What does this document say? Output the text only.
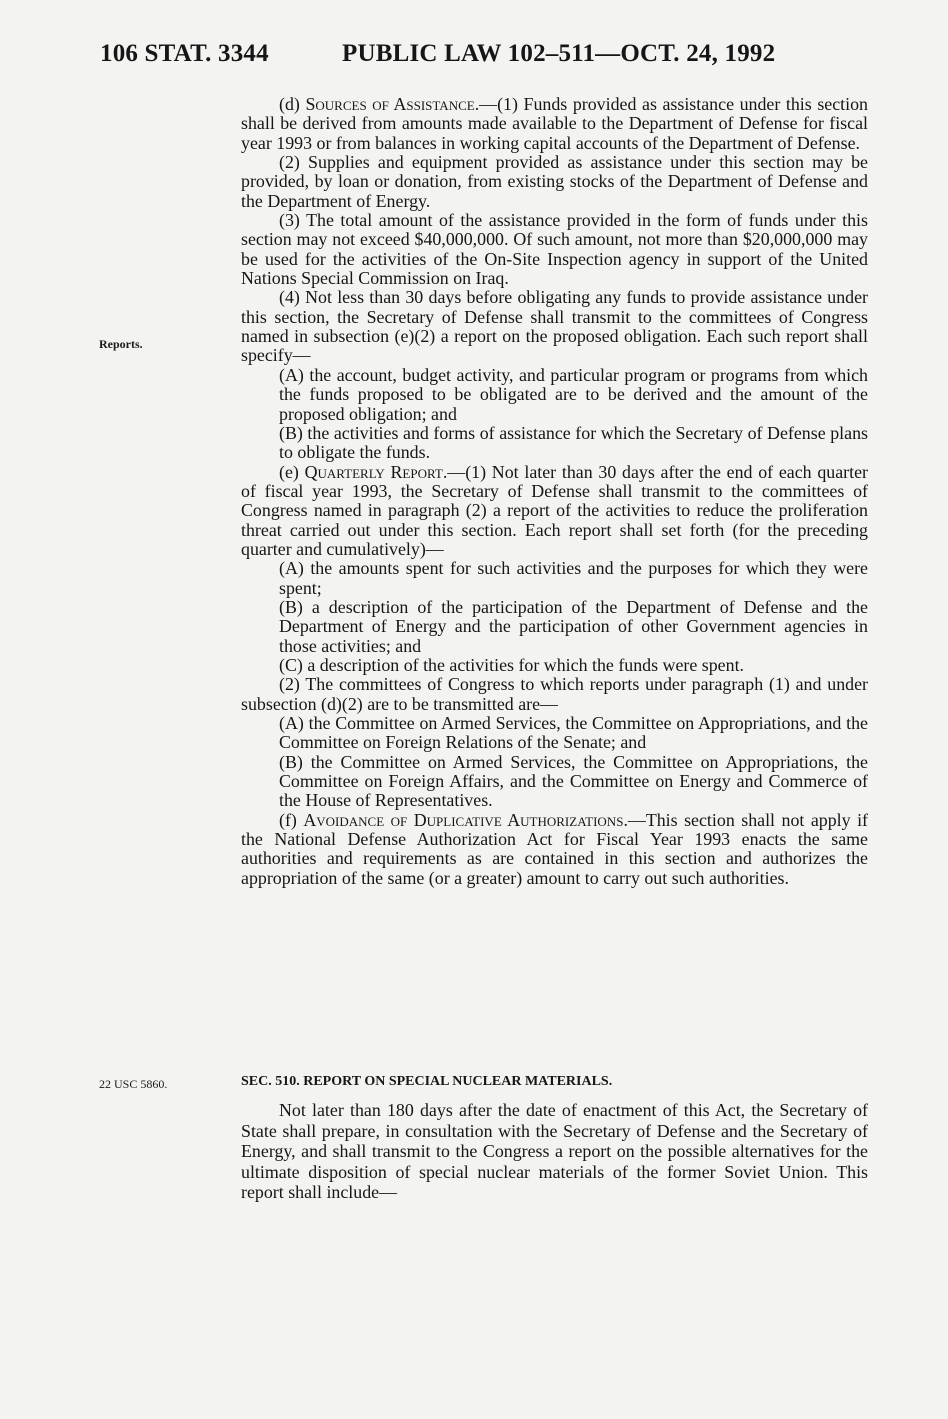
106 STAT. 3344	PUBLIC LAW 102–511—OCT. 24, 1992
Reports.
22 USC 5860.

(d) Sources of Assistance.—(1) Funds provided as assistance under this section shall be derived from amounts made available to the Department of Defense for fiscal year 1993 or from balances in working capital accounts of the Department of Defense.

(2) Supplies and equipment provided as assistance under this section may be provided, by loan or donation, from existing stocks of the Department of Defense and the Department of Energy.

(3) The total amount of the assistance provided in the form of funds under this section may not exceed $40,000,000. Of such amount, not more than $20,000,000 may be used for the activities of the On-Site Inspection agency in support of the United Nations Special Commission on Iraq.

(4) Not less than 30 days before obligating any funds to provide assistance under this section, the Secretary of Defense shall transmit to the committees of Congress named in subsection (e)(2) a report on the proposed obligation. Each such report shall specify—

(A) the account, budget activity, and particular program or programs from which the funds proposed to be obligated are to be derived and the amount of the proposed obligation; and

(B) the activities and forms of assistance for which the Secretary of Defense plans to obligate the funds.

(e) Quarterly Report.—(1) Not later than 30 days after the end of each quarter of fiscal year 1993, the Secretary of Defense shall transmit to the committees of Congress named in paragraph (2) a report of the activities to reduce the proliferation threat carried out under this section. Each report shall set forth (for the preceding quarter and cumulatively)—

(A) the amounts spent for such activities and the purposes for which they were spent;

(B) a description of the participation of the Department of Defense and the Department of Energy and the participation of other Government agencies in those activities; and

(C) a description of the activities for which the funds were spent.

(2) The committees of Congress to which reports under paragraph (1) and under subsection (d)(2) are to be transmitted are—

(A) the Committee on Armed Services, the Committee on Appropriations, and the Committee on Foreign Relations of the Senate; and

(B) the Committee on Armed Services, the Committee on Appropriations, the Committee on Foreign Affairs, and the Committee on Energy and Commerce of the House of Representatives.

(f) Avoidance of Duplicative Authorizations.—This section shall not apply if the National Defense Authorization Act for Fiscal Year 1993 enacts the same authorities and requirements as are contained in this section and authorizes the appropriation of the same (or a greater) amount to carry out such authorities.

SEC. 510. REPORT ON SPECIAL NUCLEAR MATERIALS.

Not later than 180 days after the date of enactment of this Act, the Secretary of State shall prepare, in consultation with the Secretary of Defense and the Secretary of Energy, and shall transmit to the Congress a report on the possible alternatives for the ultimate disposition of special nuclear materials of the former Soviet Union. This report shall include—
